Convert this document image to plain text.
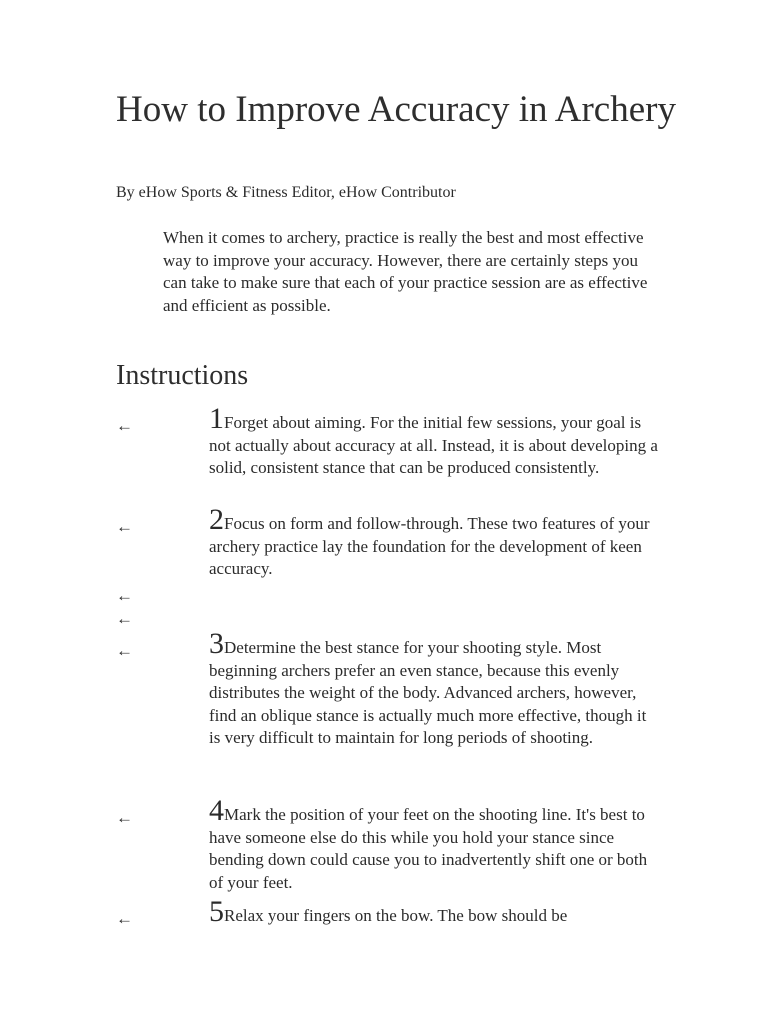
How to Improve Accuracy in Archery
By eHow Sports & Fitness Editor, eHow Contributor
When it comes to archery, practice is really the best and most effective way to improve your accuracy. However, there are certainly steps you can take to make sure that each of your practice session are as effective and efficient as possible.
Instructions
←	1Forget about aiming. For the initial few sessions, your goal is not actually about accuracy at all. Instead, it is about developing a solid, consistent stance that can be produced consistently.
←	2Focus on form and follow-through. These two features of your archery practice lay the foundation for the development of keen accuracy.
←
←
←	3Determine the best stance for your shooting style. Most beginning archers prefer an even stance, because this evenly distributes the weight of the body. Advanced archers, however, find an oblique stance is actually much more effective, though it is very difficult to maintain for long periods of shooting.
←	4Mark the position of your feet on the shooting line. It's best to have someone else do this while you hold your stance since bending down could cause you to inadvertently shift one or both of your feet.
←	5Relax your fingers on the bow. The bow should be
